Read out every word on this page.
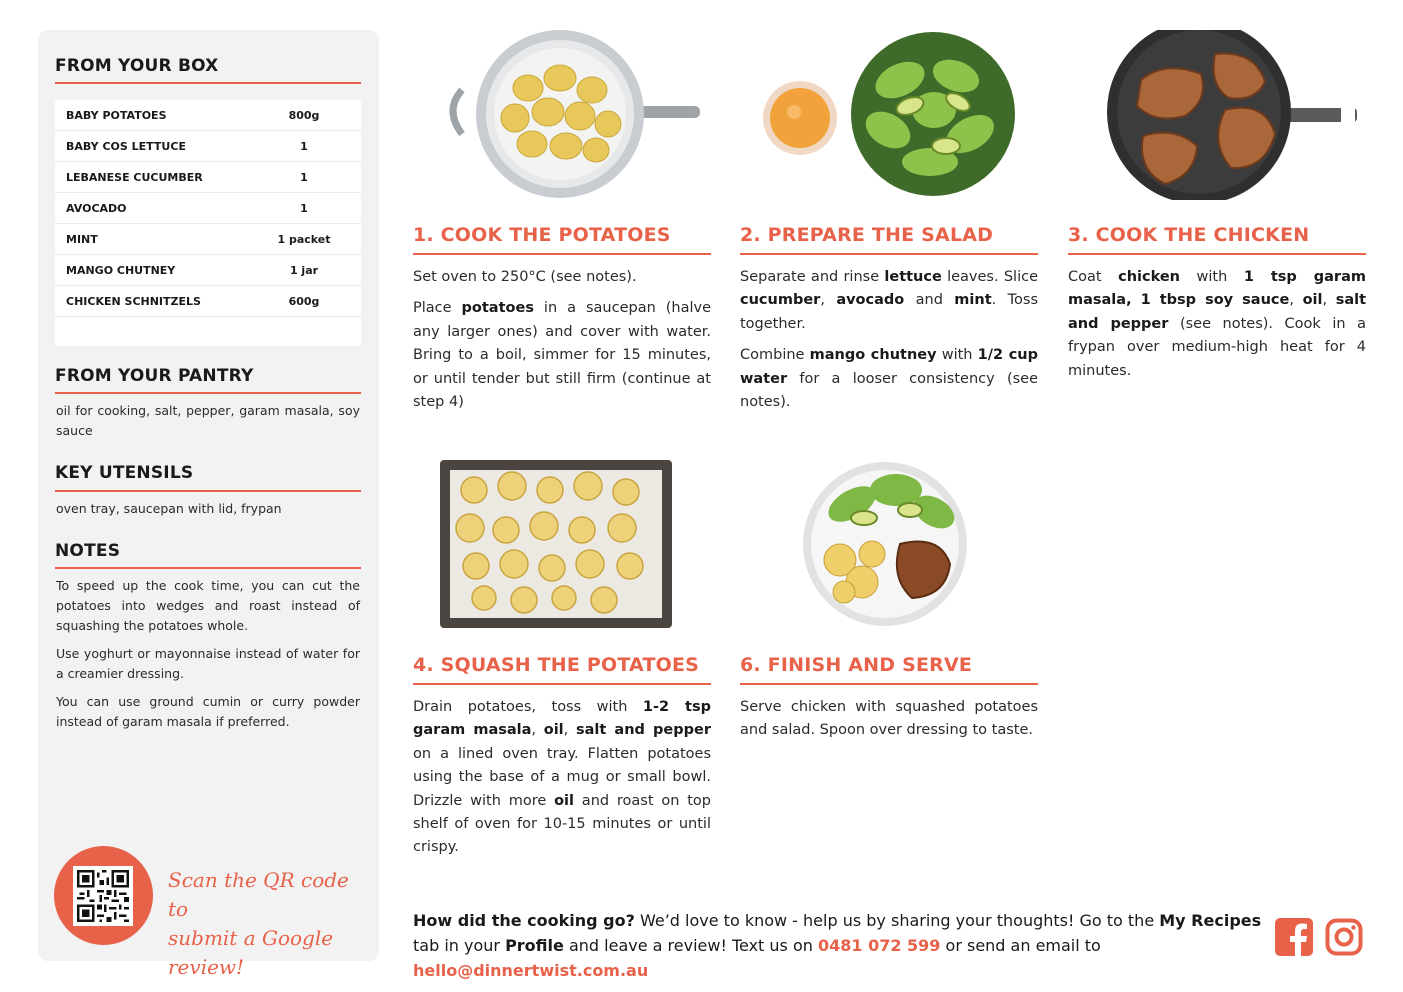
FROM YOUR BOX
BABY POTATOES	800g
BABY COS LETTUCE	1
LEBANESE CUCUMBER	1
AVOCADO	1
MINT	1 packet
MANGO CHUTNEY	1 jar
CHICKEN SCHNITZELS	600g
FROM YOUR PANTRY
oil for cooking, salt, pepper, garam masala, soy sauce
KEY UTENSILS
oven tray, saucepan with lid, frypan
NOTES

To speed up the cook time, you can cut the potatoes into wedges and roast instead of squashing the potatoes whole.

Use yoghurt or mayonnaise instead of water for a creamier dressing.

You can use ground cumin or curry powder instead of garam masala if preferred.

Scan the QR code to
submit a Google review!
1. COOK THE POTATOES

Set oven to 250°C (see notes).

Place potatoes in a saucepan (halve any larger ones) and cover with water. Bring to a boil, simmer for 15 minutes, or until tender but still firm (continue at step 4)

2. PREPARE THE SALAD

Separate and rinse lettuce leaves. Slice cucumber, avocado and mint. Toss together.

Combine mango chutney with 1/2 cup water for a looser consistency (see notes).

3. COOK THE CHICKEN

Coat chicken with 1 tsp garam masala, 1 tbsp soy sauce, oil, salt and pepper (see notes). Cook in a frypan over medium-high heat for 4 minutes.

4. SQUASH THE POTATOES

Drain potatoes, toss with 1-2 tsp garam masala, oil, salt and pepper on a lined oven tray. Flatten potatoes using the base of a mug or small bowl. Drizzle with more oil and roast on top shelf of oven for 10-15 minutes or until crispy.

6. FINISH AND SERVE

Serve chicken with squashed potatoes and salad. Spoon over dressing to taste.

How did the cooking go? We’d love to know - help us by sharing your thoughts! Go to the My Recipes tab in your Profile and leave a review! Text us on 0481 072 599 or send an email to hello@dinnertwist.com.au
